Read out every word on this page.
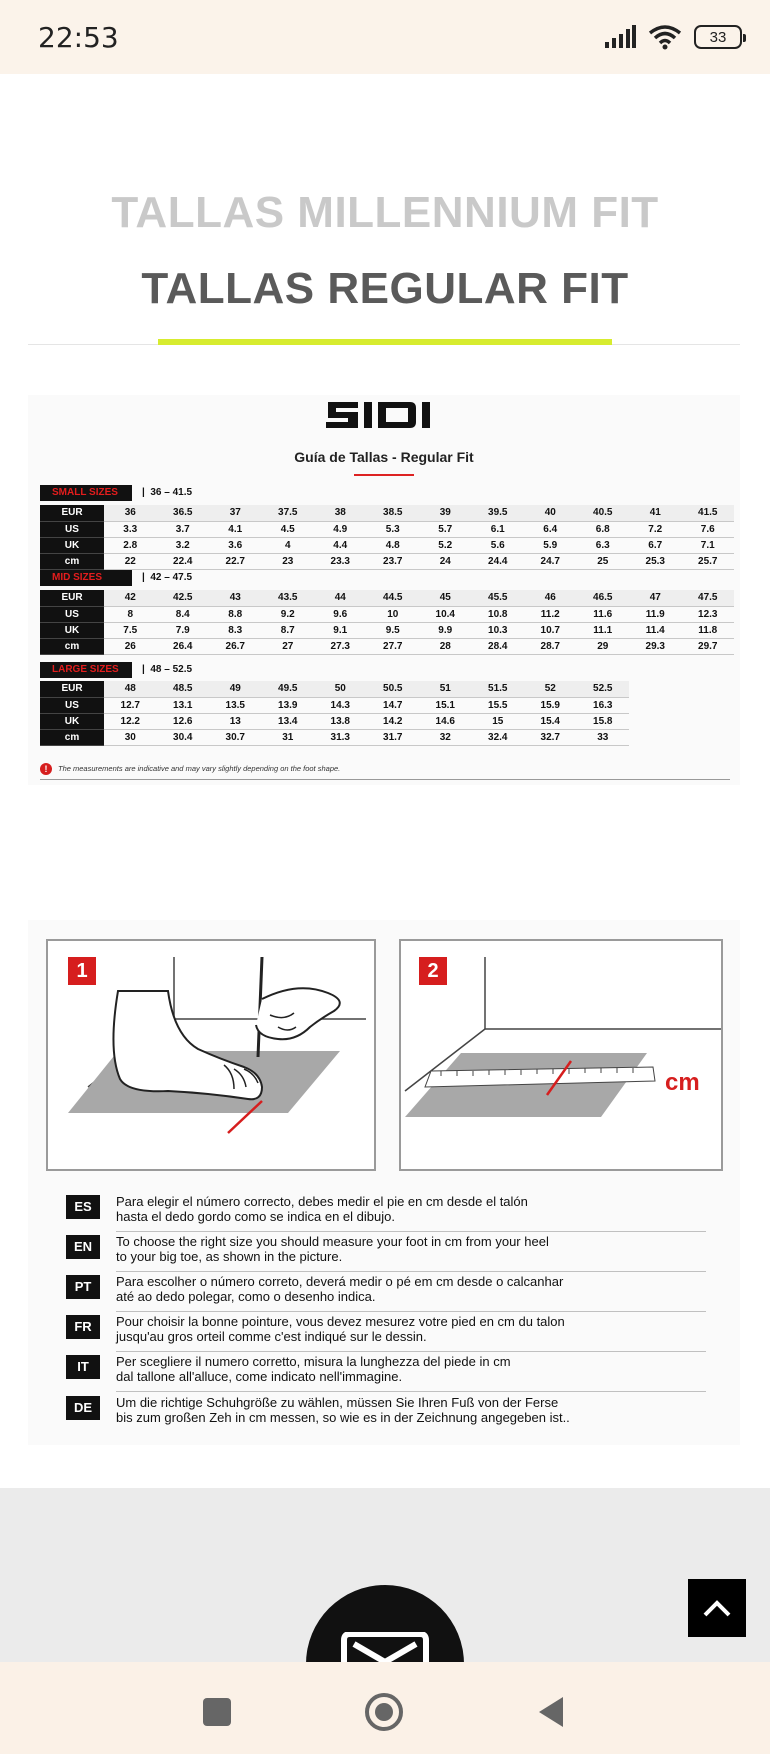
22:53	33
TALLAS MILLENNIUM FIT
TALLAS REGULAR FIT
Guía de Tallas - Regular Fit
SMALL SIZES	|  36 – 41.5
EUR	36	36.5	37	37.5	38	38.5	39	39.5	40	40.5	41	41.5
US	3.3	3.7	4.1	4.5	4.9	5.3	5.7	6.1	6.4	6.8	7.2	7.6
UK	2.8	3.2	3.6	4	4.4	4.8	5.2	5.6	5.9	6.3	6.7	7.1
cm	22	22.4	22.7	23	23.3	23.7	24	24.4	24.7	25	25.3	25.7
MID SIZES	|  42 – 47.5
EUR	42	42.5	43	43.5	44	44.5	45	45.5	46	46.5	47	47.5
US	8	8.4	8.8	9.2	9.6	10	10.4	10.8	11.2	11.6	11.9	12.3
UK	7.5	7.9	8.3	8.7	9.1	9.5	9.9	10.3	10.7	11.1	11.4	11.8
cm	26	26.4	26.7	27	27.3	27.7	28	28.4	28.7	29	29.3	29.7
LARGE SIZES	|  48 – 52.5
EUR	48	48.5	49	49.5	50	50.5	51	51.5	52	52.5
US	12.7	13.1	13.5	13.9	14.3	14.7	15.1	15.5	15.9	16.3
UK	12.2	12.6	13	13.4	13.8	14.2	14.6	15	15.4	15.8
cm	30	30.4	30.7	31	31.3	31.7	32	32.4	32.7	33
!	The measurements are indicative and may vary slightly depending on the foot shape.
1	2
cm
ES	Para elegir el número correcto, debes medir el pie en cm desde el talón
hasta el dedo gordo como se indica en el dibujo.
EN	To choose the right size you should measure your foot in cm from your heel
to your big toe, as shown in the picture.
PT	Para escolher o número correto, deverá medir o pé em cm desde o calcanhar
até ao dedo polegar, como o desenho indica.
FR	Pour choisir la bonne pointure, vous devez mesurez votre pied en cm du talon
jusqu'au gros orteil comme c'est indiqué sur le dessin.
IT	Per scegliere il numero corretto, misura la lunghezza del piede in cm
dal tallone all'alluce, come indicato nell'immagine.
DE	Um die richtige Schuhgröße zu wählen, müssen Sie Ihren Fuß von der Ferse
bis zum großen Zeh in cm messen, so wie es in der Zeichnung angegeben ist..
